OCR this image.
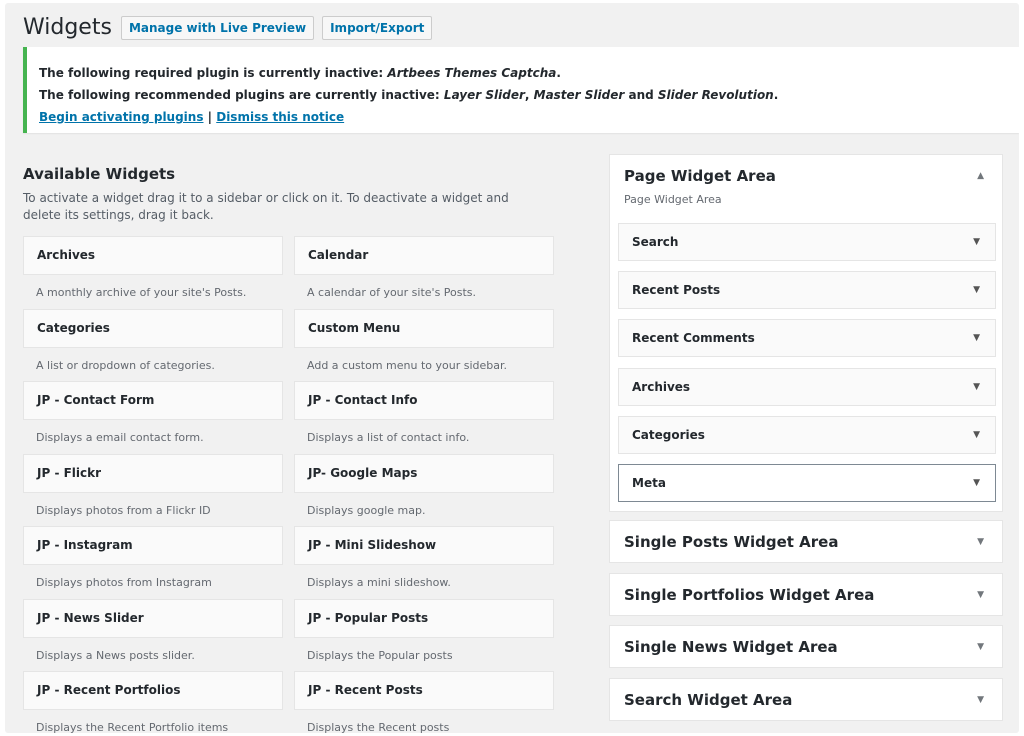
Widgets	Manage with Live Preview	Import/Export
The following required plugin is currently inactive: Artbees Themes Captcha.
The following recommended plugins are currently inactive: Layer Slider, Master Slider and Slider Revolution.
Begin activating plugins | Dismiss this notice
Available Widgets

To activate a widget drag it to a sidebar or click on it. To deactivate a widget and delete its settings, drag it back.

Archives
A monthly archive of your site's Posts.
Calendar
A calendar of your site's Posts.
Categories
A list or dropdown of categories.
Custom Menu
Add a custom menu to your sidebar.
JP - Contact Form
Displays a email contact form.
JP - Contact Info
Displays a list of contact info.
JP - Flickr
Displays photos from a Flickr ID
JP- Google Maps
Displays google map.
JP - Instagram
Displays photos from Instagram
JP - Mini Slideshow
Displays a mini slideshow.
JP - News Slider
Displays a News posts slider.
JP - Popular Posts
Displays the Popular posts
JP - Recent Portfolios
Displays the Recent Portfolio items
JP - Recent Posts
Displays the Recent posts
Page Widget Area	▲
Page Widget Area
Search	▼
Recent Posts	▼
Recent Comments	▼
Archives	▼
Categories	▼
Meta	▼
Single Posts Widget Area	▼
Single Portfolios Widget Area	▼
Single News Widget Area	▼
Search Widget Area	▼
